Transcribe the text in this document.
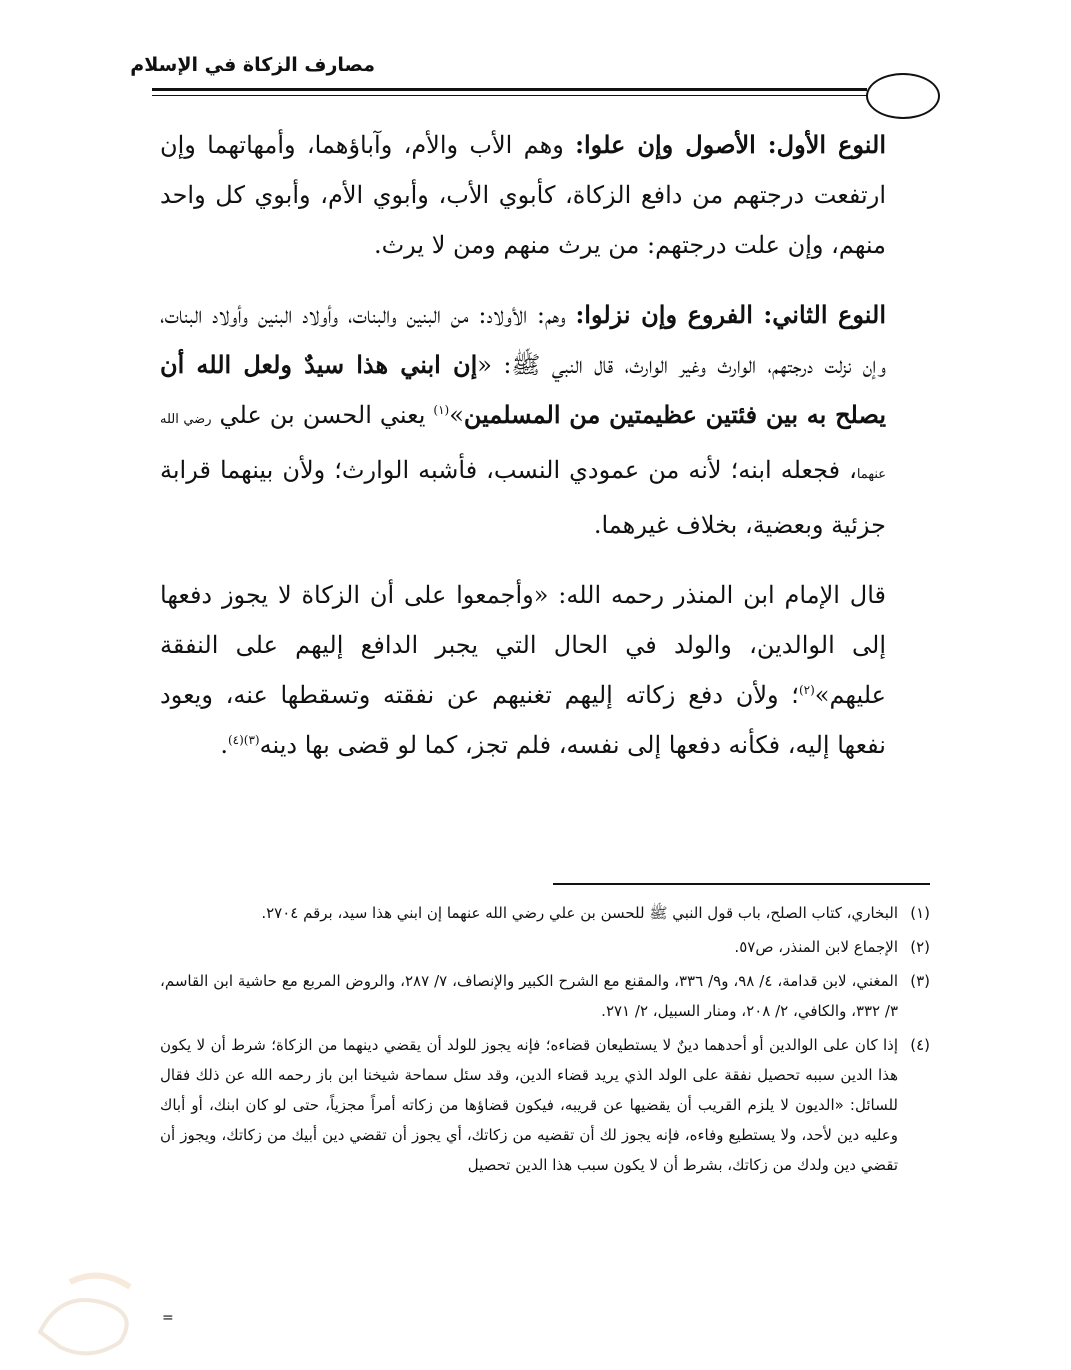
مصارف الزكاة في الإسلام

النوع الأول: الأصول وإن علوا: وهم الأب والأم، وآباؤهما، وأمهاتهما وإن ارتفعت درجتهم من دافع الزكاة، كأبوي الأب، وأبوي الأم، وأبوي كل واحد منهم، وإن علت درجتهم: من يرث منهم ومن لا يرث.

النوع الثاني: الفروع وإن نزلوا: وهم: الأولاد: من البنين والبنات، وأولاد البنين وأولاد البنات، وإن نزلت درجتهم، الوارث وغير الوارث، قال النبي ﷺ: «إن ابني هذا سيدٌ ولعل الله أن يصلح به بين فئتين عظيمتين من المسلمين»$^{(١)}$ يعني الحسن بن علي رضي الله عنهما، فجعله ابنه؛ لأنه من عمودي النسب، فأشبه الوارث؛ ولأن بينهما قرابة جزئية وبعضية، بخلاف غيرهما.

قال الإمام ابن المنذر رحمه الله: «وأجمعوا على أن الزكاة لا يجوز دفعها إلى الوالدين، والولد في الحال التي يجبر الدافع إليهم على النفقة عليهم»$^{(٢)}$؛ ولأن دفع زكاته إليهم تغنيهم عن نفقته وتسقطها عنه، ويعود نفعها إليه، فكأنه دفعها إلى نفسه، فلم تجز، كما لو قضى بها دينه$^{(٣)(٤)}$.

(١)
البخاري، كتاب الصلح، باب قول النبي ﷺ للحسن بن علي رضي الله عنهما إن ابني هذا سيد، برقم ٢٧٠٤.

(٢)
الإجماع لابن المنذر، ص٥٧.

(٣)
المغني، لابن قدامة، ٤/ ٩٨، و٩/ ٣٣٦، والمقنع مع الشرح الكبير والإنصاف، ٧/ ٢٨٧، والروض المربع مع حاشية ابن القاسم، ٣/ ٣٣٢، والكافي، ٢/ ٢٠٨، ومنار السبيل، ٢/ ٢٧١.

(٤)
إذا كان على الوالدين أو أحدهما دينٌ لا يستطيعان قضاءه؛ فإنه يجوز للولد أن يقضي دينهما من الزكاة؛ شرط أن لا يكون هذا الدين سببه تحصيل نفقة على الولد الذي يريد قضاء الدين، وقد سئل سماحة شيخنا ابن باز رحمه الله عن ذلك فقال للسائل: «الديون لا يلزم القريب أن يقضيها عن قريبه، فيكون قضاؤها من زكاته أمراً مجزياً، حتى لو كان ابنك، أو أباك وعليه دين لأحد، ولا يستطيع وفاءه، فإنه يجوز لك أن تقضيه من زكاتك، أي يجوز أن تقضي دين أبيك من زكاتك، ويجوز أن تقضي دين ولدك من زكاتك، بشرط أن لا يكون سبب هذا الدين تحصيل

=
